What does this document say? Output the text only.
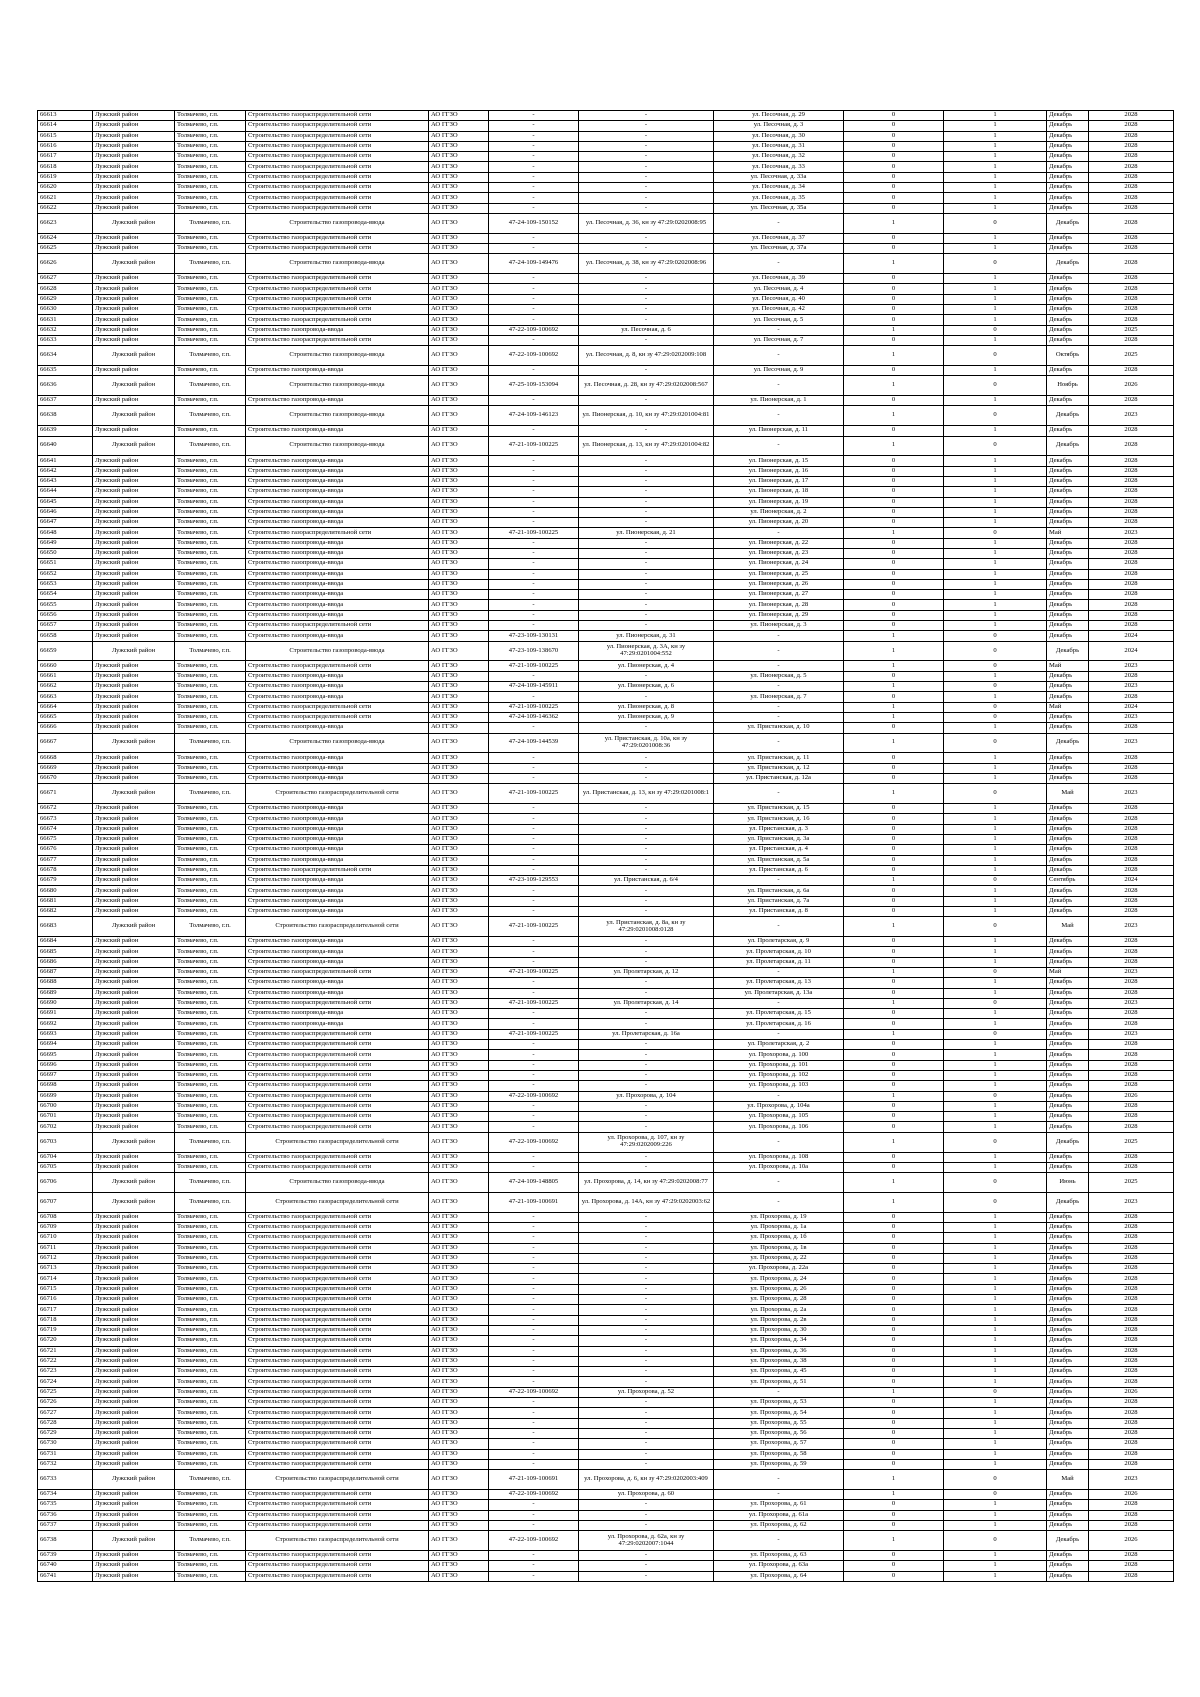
66613	Лужский район	Толмачево, г.п.	Строительство газораспределительной сети	АО ГГЗО	-	-	ул. Песочная, д. 29	0	1	Декабрь	2028
66614	Лужский район	Толмачево, г.п.	Строительство газораспределительной сети	АО ГГЗО	-	-	ул. Песочная, д. 3	0	1	Декабрь	2028
66615	Лужский район	Толмачево, г.п.	Строительство газораспределительной сети	АО ГГЗО	-	-	ул. Песочная, д. 30	0	1	Декабрь	2028
66616	Лужский район	Толмачево, г.п.	Строительство газораспределительной сети	АО ГГЗО	-	-	ул. Песочная, д. 31	0	1	Декабрь	2028
66617	Лужский район	Толмачево, г.п.	Строительство газораспределительной сети	АО ГГЗО	-	-	ул. Песочная, д. 32	0	1	Декабрь	2028
66618	Лужский район	Толмачево, г.п.	Строительство газораспределительной сети	АО ГГЗО	-	-	ул. Песочная, д. 33	0	1	Декабрь	2028
66619	Лужский район	Толмачево, г.п.	Строительство газораспределительной сети	АО ГГЗО	-	-	ул. Песочная, д. 33а	0	1	Декабрь	2028
66620	Лужский район	Толмачево, г.п.	Строительство газораспределительной сети	АО ГГЗО	-	-	ул. Песочная, д. 34	0	1	Декабрь	2028
66621	Лужский район	Толмачево, г.п.	Строительство газораспределительной сети	АО ГГЗО	-	-	ул. Песочная, д. 35	0	1	Декабрь	2028
66622	Лужский район	Толмачево, г.п.	Строительство газораспределительной сети	АО ГГЗО	-	-	ул. Песочная, д. 35а	0	1	Декабрь	2028
66623	Лужский район	Толмачево, г.п.	Строительство газопровода-ввода	АО ГГЗО	47-24-109-150152	ул. Песочная, д. 36, кн зу 47:29:0202008:95	-	1	0	Декабрь	2028
66624	Лужский район	Толмачево, г.п.	Строительство газораспределительной сети	АО ГГЗО	-	-	ул. Песочная, д. 37	0	1	Декабрь	2028
66625	Лужский район	Толмачево, г.п.	Строительство газораспределительной сети	АО ГГЗО	-	-	ул. Песочная, д. 37а	0	1	Декабрь	2028
66626	Лужский район	Толмачево, г.п.	Строительство газопровода-ввода	АО ГГЗО	47-24-109-149476	ул. Песочная, д. 38, кн зу 47:29:0202008:96	-	1	0	Декабрь	2028
66627	Лужский район	Толмачево, г.п.	Строительство газораспределительной сети	АО ГГЗО	-	-	ул. Песочная, д. 39	0	1	Декабрь	2028
66628	Лужский район	Толмачево, г.п.	Строительство газораспределительной сети	АО ГГЗО	-	-	ул. Песочная, д. 4	0	1	Декабрь	2028
66629	Лужский район	Толмачево, г.п.	Строительство газораспределительной сети	АО ГГЗО	-	-	ул. Песочная, д. 40	0	1	Декабрь	2028
66630	Лужский район	Толмачево, г.п.	Строительство газораспределительной сети	АО ГГЗО	-	-	ул. Песочная, д. 42	0	1	Декабрь	2028
66631	Лужский район	Толмачево, г.п.	Строительство газораспределительной сети	АО ГГЗО	-	-	ул. Песочная, д. 5	0	1	Декабрь	2028
66632	Лужский район	Толмачево, г.п.	Строительство газопровода-ввода	АО ГГЗО	47-22-109-100692	ул. Песочная, д. 6	-	1	0	Декабрь	2025
66633	Лужский район	Толмачево, г.п.	Строительство газораспределительной сети	АО ГГЗО	-	-	ул. Песочная, д. 7	0	1	Декабрь	2028
66634	Лужский район	Толмачево, г.п.	Строительство газопровода-ввода	АО ГГЗО	47-22-109-100692	ул. Песочная, д. 8, кн зу 47:29:0202009:108	-	1	0	Октябрь	2025
66635	Лужский район	Толмачево, г.п.	Строительство газопровода-ввода	АО ГГЗО	-	-	ул. Песочная, д. 9	0	1	Декабрь	2028
66636	Лужский район	Толмачево, г.п.	Строительство газопровода-ввода	АО ГГЗО	47-25-109-153094	ул. Песочная, д. 28, кн зу 47:29:0202008:567	-	1	0	Ноябрь	2026
66637	Лужский район	Толмачево, г.п.	Строительство газопровода-ввода	АО ГГЗО	-	-	ул. Пионерская, д. 1	0	1	Декабрь	2028
66638	Лужский район	Толмачево, г.п.	Строительство газопровода-ввода	АО ГГЗО	47-24-109-146123	ул. Пионерская, д. 10, кн зу 47:29:0201004:81	-	1	0	Декабрь	2023
66639	Лужский район	Толмачево, г.п.	Строительство газопровода-ввода	АО ГГЗО	-	-	ул. Пионерская, д. 11	0	1	Декабрь	2028
66640	Лужский район	Толмачево, г.п.	Строительство газопровода-ввода	АО ГГЗО	47-21-109-100225	ул. Пионерская, д. 13, кн зу 47:29:0201004:82	-	1	0	Декабрь	2028
66641	Лужский район	Толмачево, г.п.	Строительство газопровода-ввода	АО ГГЗО	-	-	ул. Пионерская, д. 15	0	1	Декабрь	2028
66642	Лужский район	Толмачево, г.п.	Строительство газопровода-ввода	АО ГГЗО	-	-	ул. Пионерская, д. 16	0	1	Декабрь	2028
66643	Лужский район	Толмачево, г.п.	Строительство газопровода-ввода	АО ГГЗО	-	-	ул. Пионерская, д. 17	0	1	Декабрь	2028
66644	Лужский район	Толмачево, г.п.	Строительство газопровода-ввода	АО ГГЗО	-	-	ул. Пионерская, д. 18	0	1	Декабрь	2028
66645	Лужский район	Толмачево, г.п.	Строительство газопровода-ввода	АО ГГЗО	-	-	ул. Пионерская, д. 19	0	1	Декабрь	2028
66646	Лужский район	Толмачево, г.п.	Строительство газопровода-ввода	АО ГГЗО	-	-	ул. Пионерская, д. 2	0	1	Декабрь	2028
66647	Лужский район	Толмачево, г.п.	Строительство газопровода-ввода	АО ГГЗО	-	-	ул. Пионерская, д. 20	0	1	Декабрь	2028
66648	Лужский район	Толмачево, г.п.	Строительство газораспределительной сети	АО ГГЗО	47-21-109-100225	ул. Пионерская, д. 21	-	1	0	Май	2023
66649	Лужский район	Толмачево, г.п.	Строительство газопровода-ввода	АО ГГЗО	-	-	ул. Пионерская, д. 22	0	1	Декабрь	2028
66650	Лужский район	Толмачево, г.п.	Строительство газопровода-ввода	АО ГГЗО	-	-	ул. Пионерская, д. 23	0	1	Декабрь	2028
66651	Лужский район	Толмачево, г.п.	Строительство газопровода-ввода	АО ГГЗО	-	-	ул. Пионерская, д. 24	0	1	Декабрь	2028
66652	Лужский район	Толмачево, г.п.	Строительство газопровода-ввода	АО ГГЗО	-	-	ул. Пионерская, д. 25	0	1	Декабрь	2028
66653	Лужский район	Толмачево, г.п.	Строительство газопровода-ввода	АО ГГЗО	-	-	ул. Пионерская, д. 26	0	1	Декабрь	2028
66654	Лужский район	Толмачево, г.п.	Строительство газопровода-ввода	АО ГГЗО	-	-	ул. Пионерская, д. 27	0	1	Декабрь	2028
66655	Лужский район	Толмачево, г.п.	Строительство газопровода-ввода	АО ГГЗО	-	-	ул. Пионерская, д. 28	0	1	Декабрь	2028
66656	Лужский район	Толмачево, г.п.	Строительство газопровода-ввода	АО ГГЗО	-	-	ул. Пионерская, д. 29	0	1	Декабрь	2028
66657	Лужский район	Толмачево, г.п.	Строительство газораспределительной сети	АО ГГЗО	-	-	ул. Пионерская, д. 3	0	1	Декабрь	2028
66658	Лужский район	Толмачево, г.п.	Строительство газопровода-ввода	АО ГГЗО	47-23-109-130131	ул. Пионерская, д. 31	-	1	0	Декабрь	2024
66659	Лужский район	Толмачево, г.п.	Строительство газопровода-ввода	АО ГГЗО	47-23-109-138670	ул. Пионерская, д. 3А, кн зу 47:29:0201004:552	-	1	0	Декабрь	2024
66660	Лужский район	Толмачево, г.п.	Строительство газораспределительной сети	АО ГГЗО	47-21-109-100225	ул. Пионерская, д. 4	-	1	0	Май	2023
66661	Лужский район	Толмачево, г.п.	Строительство газопровода-ввода	АО ГГЗО	-	-	ул. Пионерская, д. 5	0	1	Декабрь	2028
66662	Лужский район	Толмачево, г.п.	Строительство газопровода-ввода	АО ГГЗО	47-24-109-145911	ул. Пионерская, д. 6	-	1	0	Декабрь	2023
66663	Лужский район	Толмачево, г.п.	Строительство газопровода-ввода	АО ГГЗО	-	-	ул. Пионерская, д. 7	0	1	Декабрь	2028
66664	Лужский район	Толмачево, г.п.	Строительство газораспределительной сети	АО ГГЗО	47-21-109-100225	ул. Пионерская, д. 8	-	1	0	Май	2024
66665	Лужский район	Толмачево, г.п.	Строительство газораспределительной сети	АО ГГЗО	47-24-109-146362	ул. Пионерская, д. 9	-	1	0	Декабрь	2023
66666	Лужский район	Толмачево, г.п.	Строительство газопровода-ввода	АО ГГЗО	-	-	ул. Пристанская, д. 10	0	1	Декабрь	2028
66667	Лужский район	Толмачево, г.п.	Строительство газопровода-ввода	АО ГГЗО	47-24-109-144539	ул. Пристанская, д. 10а, кн зу 47:29:0201008:36	-	1	0	Декабрь	2023
66668	Лужский район	Толмачево, г.п.	Строительство газопровода-ввода	АО ГГЗО	-	-	ул. Пристанская, д. 11	0	1	Декабрь	2028
66669	Лужский район	Толмачево, г.п.	Строительство газопровода-ввода	АО ГГЗО	-	-	ул. Пристанская, д. 12	0	1	Декабрь	2028
66670	Лужский район	Толмачево, г.п.	Строительство газопровода-ввода	АО ГГЗО	-	-	ул. Пристанская, д. 12а	0	1	Декабрь	2028
66671	Лужский район	Толмачево, г.п.	Строительство газораспределительной сети	АО ГГЗО	47-21-109-100225	ул. Пристанская, д. 13, кн зу 47:29:0201008:1	-	1	0	Май	2023
66672	Лужский район	Толмачево, г.п.	Строительство газопровода-ввода	АО ГГЗО	-	-	ул. Пристанская, д. 15	0	1	Декабрь	2028
66673	Лужский район	Толмачево, г.п.	Строительство газопровода-ввода	АО ГГЗО	-	-	ул. Пристанская, д. 16	0	1	Декабрь	2028
66674	Лужский район	Толмачево, г.п.	Строительство газопровода-ввода	АО ГГЗО	-	-	ул. Пристанская, д. 3	0	1	Декабрь	2028
66675	Лужский район	Толмачево, г.п.	Строительство газопровода-ввода	АО ГГЗО	-	-	ул. Пристанская, д. 3а	0	1	Декабрь	2028
66676	Лужский район	Толмачево, г.п.	Строительство газопровода-ввода	АО ГГЗО	-	-	ул. Пристанская, д. 4	0	1	Декабрь	2028
66677	Лужский район	Толмачево, г.п.	Строительство газопровода-ввода	АО ГГЗО	-	-	ул. Пристанская, д. 5а	0	1	Декабрь	2028
66678	Лужский район	Толмачево, г.п.	Строительство газораспределительной сети	АО ГГЗО	-	-	ул. Пристанская, д. 6	0	1	Декабрь	2028
66679	Лужский район	Толмачево, г.п.	Строительство газопровода-ввода	АО ГГЗО	47-23-109-129553	ул. Пристанская, д. 6/4	-	1	0	Сентябрь	2024
66680	Лужский район	Толмачево, г.п.	Строительство газопровода-ввода	АО ГГЗО	-	-	ул. Пристанская, д. 6а	0	1	Декабрь	2028
66681	Лужский район	Толмачево, г.п.	Строительство газопровода-ввода	АО ГГЗО	-	-	ул. Пристанская, д. 7а	0	1	Декабрь	2028
66682	Лужский район	Толмачево, г.п.	Строительство газопровода-ввода	АО ГГЗО	-	-	ул. Пристанская, д. 8	0	1	Декабрь	2028
66683	Лужский район	Толмачево, г.п.	Строительство газораспределительной сети	АО ГГЗО	47-21-109-100225	ул. Пристанская, д. 8а, кн зу 47:29:0201008:0128	-	1	0	Май	2023
66684	Лужский район	Толмачево, г.п.	Строительство газопровода-ввода	АО ГГЗО	-	-	ул. Пролетарская, д. 9	0	1	Декабрь	2028
66685	Лужский район	Толмачево, г.п.	Строительство газопровода-ввода	АО ГГЗО	-	-	ул. Пролетарская, д. 10	0	1	Декабрь	2028
66686	Лужский район	Толмачево, г.п.	Строительство газопровода-ввода	АО ГГЗО	-	-	ул. Пролетарская, д. 11	0	1	Декабрь	2028
66687	Лужский район	Толмачево, г.п.	Строительство газораспределительной сети	АО ГГЗО	47-21-109-100225	ул. Пролетарская, д. 12	-	1	0	Май	2023
66688	Лужский район	Толмачево, г.п.	Строительство газопровода-ввода	АО ГГЗО	-	-	ул. Пролетарская, д. 13	0	1	Декабрь	2028
66689	Лужский район	Толмачево, г.п.	Строительство газопровода-ввода	АО ГГЗО	-	-	ул. Пролетарская, д. 13а	0	1	Декабрь	2028
66690	Лужский район	Толмачево, г.п.	Строительство газораспределительной сети	АО ГГЗО	47-21-109-100225	ул. Пролетарская, д. 14	-	1	0	Декабрь	2023
66691	Лужский район	Толмачево, г.п.	Строительство газопровода-ввода	АО ГГЗО	-	-	ул. Пролетарская, д. 15	0	1	Декабрь	2028
66692	Лужский район	Толмачево, г.п.	Строительство газопровода-ввода	АО ГГЗО	-	-	ул. Пролетарская, д. 16	0	1	Декабрь	2028
66693	Лужский район	Толмачево, г.п.	Строительство газораспределительной сети	АО ГГЗО	47-21-109-100225	ул. Пролетарская, д. 16а	-	1	0	Декабрь	2023
66694	Лужский район	Толмачево, г.п.	Строительство газораспределительной сети	АО ГГЗО	-	-	ул. Пролетарская, д. 2	0	1	Декабрь	2028
66695	Лужский район	Толмачево, г.п.	Строительство газораспределительной сети	АО ГГЗО	-	-	ул. Прохорова, д. 100	0	1	Декабрь	2028
66696	Лужский район	Толмачево, г.п.	Строительство газораспределительной сети	АО ГГЗО	-	-	ул. Прохорова, д. 101	0	1	Декабрь	2028
66697	Лужский район	Толмачево, г.п.	Строительство газораспределительной сети	АО ГГЗО	-	-	ул. Прохорова, д. 102	0	1	Декабрь	2028
66698	Лужский район	Толмачево, г.п.	Строительство газораспределительной сети	АО ГГЗО	-	-	ул. Прохорова, д. 103	0	1	Декабрь	2028
66699	Лужский район	Толмачево, г.п.	Строительство газораспределительной сети	АО ГГЗО	47-22-109-100692	ул. Прохорова, д. 104	-	1	0	Декабрь	2026
66700	Лужский район	Толмачево, г.п.	Строительство газораспределительной сети	АО ГГЗО	-	-	ул. Прохорова, д. 104а	0	1	Декабрь	2028
66701	Лужский район	Толмачево, г.п.	Строительство газораспределительной сети	АО ГГЗО	-	-	ул. Прохорова, д. 105	0	1	Декабрь	2028
66702	Лужский район	Толмачево, г.п.	Строительство газораспределительной сети	АО ГГЗО	-	-	ул. Прохорова, д. 106	0	1	Декабрь	2028
66703	Лужский район	Толмачево, г.п.	Строительство газораспределительной сети	АО ГГЗО	47-22-109-100692	ул. Прохорова, д. 107, кн зу 47:29:0202009:226	-	1	0	Декабрь	2025
66704	Лужский район	Толмачево, г.п.	Строительство газораспределительной сети	АО ГГЗО	-	-	ул. Прохорова, д. 108	0	1	Декабрь	2028
66705	Лужский район	Толмачево, г.п.	Строительство газораспределительной сети	АО ГГЗО	-	-	ул. Прохорова, д. 10а	0	1	Декабрь	2028
66706	Лужский район	Толмачево, г.п.	Строительство газопровода-ввода	АО ГГЗО	47-24-109-148805	ул. Прохорова, д. 14, кн зу 47:29:0202008:77	-	1	0	Июнь	2025
66707	Лужский район	Толмачево, г.п.	Строительство газораспределительной сети	АО ГГЗО	47-21-109-100691	ул. Прохорова, д. 14А, кн зу 47:29:0202003:62	-	1	0	Декабрь	2023
66708	Лужский район	Толмачево, г.п.	Строительство газораспределительной сети	АО ГГЗО	-	-	ул. Прохорова, д. 19	0	1	Декабрь	2028
66709	Лужский район	Толмачево, г.п.	Строительство газораспределительной сети	АО ГГЗО	-	-	ул. Прохорова, д. 1а	0	1	Декабрь	2028
66710	Лужский район	Толмачево, г.п.	Строительство газораспределительной сети	АО ГГЗО	-	-	ул. Прохорова, д. 1б	0	1	Декабрь	2028
66711	Лужский район	Толмачево, г.п.	Строительство газораспределительной сети	АО ГГЗО	-	-	ул. Прохорова, д. 1в	0	1	Декабрь	2028
66712	Лужский район	Толмачево, г.п.	Строительство газораспределительной сети	АО ГГЗО	-	-	ул. Прохорова, д. 22	0	1	Декабрь	2028
66713	Лужский район	Толмачево, г.п.	Строительство газораспределительной сети	АО ГГЗО	-	-	ул. Прохорова, д. 22а	0	1	Декабрь	2028
66714	Лужский район	Толмачево, г.п.	Строительство газораспределительной сети	АО ГГЗО	-	-	ул. Прохорова, д. 24	0	1	Декабрь	2028
66715	Лужский район	Толмачево, г.п.	Строительство газораспределительной сети	АО ГГЗО	-	-	ул. Прохорова, д. 26	0	1	Декабрь	2028
66716	Лужский район	Толмачево, г.п.	Строительство газораспределительной сети	АО ГГЗО	-	-	ул. Прохорова, д. 28	0	1	Декабрь	2028
66717	Лужский район	Толмачево, г.п.	Строительство газораспределительной сети	АО ГГЗО	-	-	ул. Прохорова, д. 2а	0	1	Декабрь	2028
66718	Лужский район	Толмачево, г.п.	Строительство газораспределительной сети	АО ГГЗО	-	-	ул. Прохорова, д. 2в	0	1	Декабрь	2028
66719	Лужский район	Толмачево, г.п.	Строительство газораспределительной сети	АО ГГЗО	-	-	ул. Прохорова, д. 30	0	1	Декабрь	2028
66720	Лужский район	Толмачево, г.п.	Строительство газораспределительной сети	АО ГГЗО	-	-	ул. Прохорова, д. 34	0	1	Декабрь	2028
66721	Лужский район	Толмачево, г.п.	Строительство газораспределительной сети	АО ГГЗО	-	-	ул. Прохорова, д. 36	0	1	Декабрь	2028
66722	Лужский район	Толмачево, г.п.	Строительство газораспределительной сети	АО ГГЗО	-	-	ул. Прохорова, д. 38	0	1	Декабрь	2028
66723	Лужский район	Толмачево, г.п.	Строительство газораспределительной сети	АО ГГЗО	-	-	ул. Прохорова, д. 45	0	1	Декабрь	2028
66724	Лужский район	Толмачево, г.п.	Строительство газораспределительной сети	АО ГГЗО	-	-	ул. Прохорова, д. 51	0	1	Декабрь	2028
66725	Лужский район	Толмачево, г.п.	Строительство газораспределительной сети	АО ГГЗО	47-22-109-100692	ул. Прохорова, д. 52	-	1	0	Декабрь	2026
66726	Лужский район	Толмачево, г.п.	Строительство газораспределительной сети	АО ГГЗО	-	-	ул. Прохорова, д. 53	0	1	Декабрь	2028
66727	Лужский район	Толмачево, г.п.	Строительство газораспределительной сети	АО ГГЗО	-	-	ул. Прохорова, д. 54	0	1	Декабрь	2028
66728	Лужский район	Толмачево, г.п.	Строительство газораспределительной сети	АО ГГЗО	-	-	ул. Прохорова, д. 55	0	1	Декабрь	2028
66729	Лужский район	Толмачево, г.п.	Строительство газораспределительной сети	АО ГГЗО	-	-	ул. Прохорова, д. 56	0	1	Декабрь	2028
66730	Лужский район	Толмачево, г.п.	Строительство газораспределительной сети	АО ГГЗО	-	-	ул. Прохорова, д. 57	0	1	Декабрь	2028
66731	Лужский район	Толмачево, г.п.	Строительство газораспределительной сети	АО ГГЗО	-	-	ул. Прохорова, д. 58	0	1	Декабрь	2028
66732	Лужский район	Толмачево, г.п.	Строительство газораспределительной сети	АО ГГЗО	-	-	ул. Прохорова, д. 59	0	1	Декабрь	2028
66733	Лужский район	Толмачево, г.п.	Строительство газораспределительной сети	АО ГГЗО	47-21-109-100691	ул. Прохорова, д. 6, кн зу 47:29:0202003:409	-	1	0	Май	2023
66734	Лужский район	Толмачево, г.п.	Строительство газораспределительной сети	АО ГГЗО	47-22-109-100692	ул. Прохорова, д. 60	-	1	0	Декабрь	2026
66735	Лужский район	Толмачево, г.п.	Строительство газораспределительной сети	АО ГГЗО	-	-	ул. Прохорова, д. 61	0	1	Декабрь	2028
66736	Лужский район	Толмачево, г.п.	Строительство газораспределительной сети	АО ГГЗО	-	-	ул. Прохорова, д. 61а	0	1	Декабрь	2028
66737	Лужский район	Толмачево, г.п.	Строительство газораспределительной сети	АО ГГЗО	-	-	ул. Прохорова, д. 62	0	1	Декабрь	2028
66738	Лужский район	Толмачево, г.п.	Строительство газораспределительной сети	АО ГГЗО	47-22-109-100692	ул. Прохорова, д. 62а, кн зу 47:29:0202007:1044	-	1	0	Декабрь	2026
66739	Лужский район	Толмачево, г.п.	Строительство газораспределительной сети	АО ГГЗО	-	-	ул. Прохорова, д. 63	0	1	Декабрь	2028
66740	Лужский район	Толмачево, г.п.	Строительство газораспределительной сети	АО ГГЗО	-	-	ул. Прохорова, д. 63а	0	1	Декабрь	2028
66741	Лужский район	Толмачево, г.п.	Строительство газораспределительной сети	АО ГГЗО	-	-	ул. Прохорова, д. 64	0	1	Декабрь	2028
